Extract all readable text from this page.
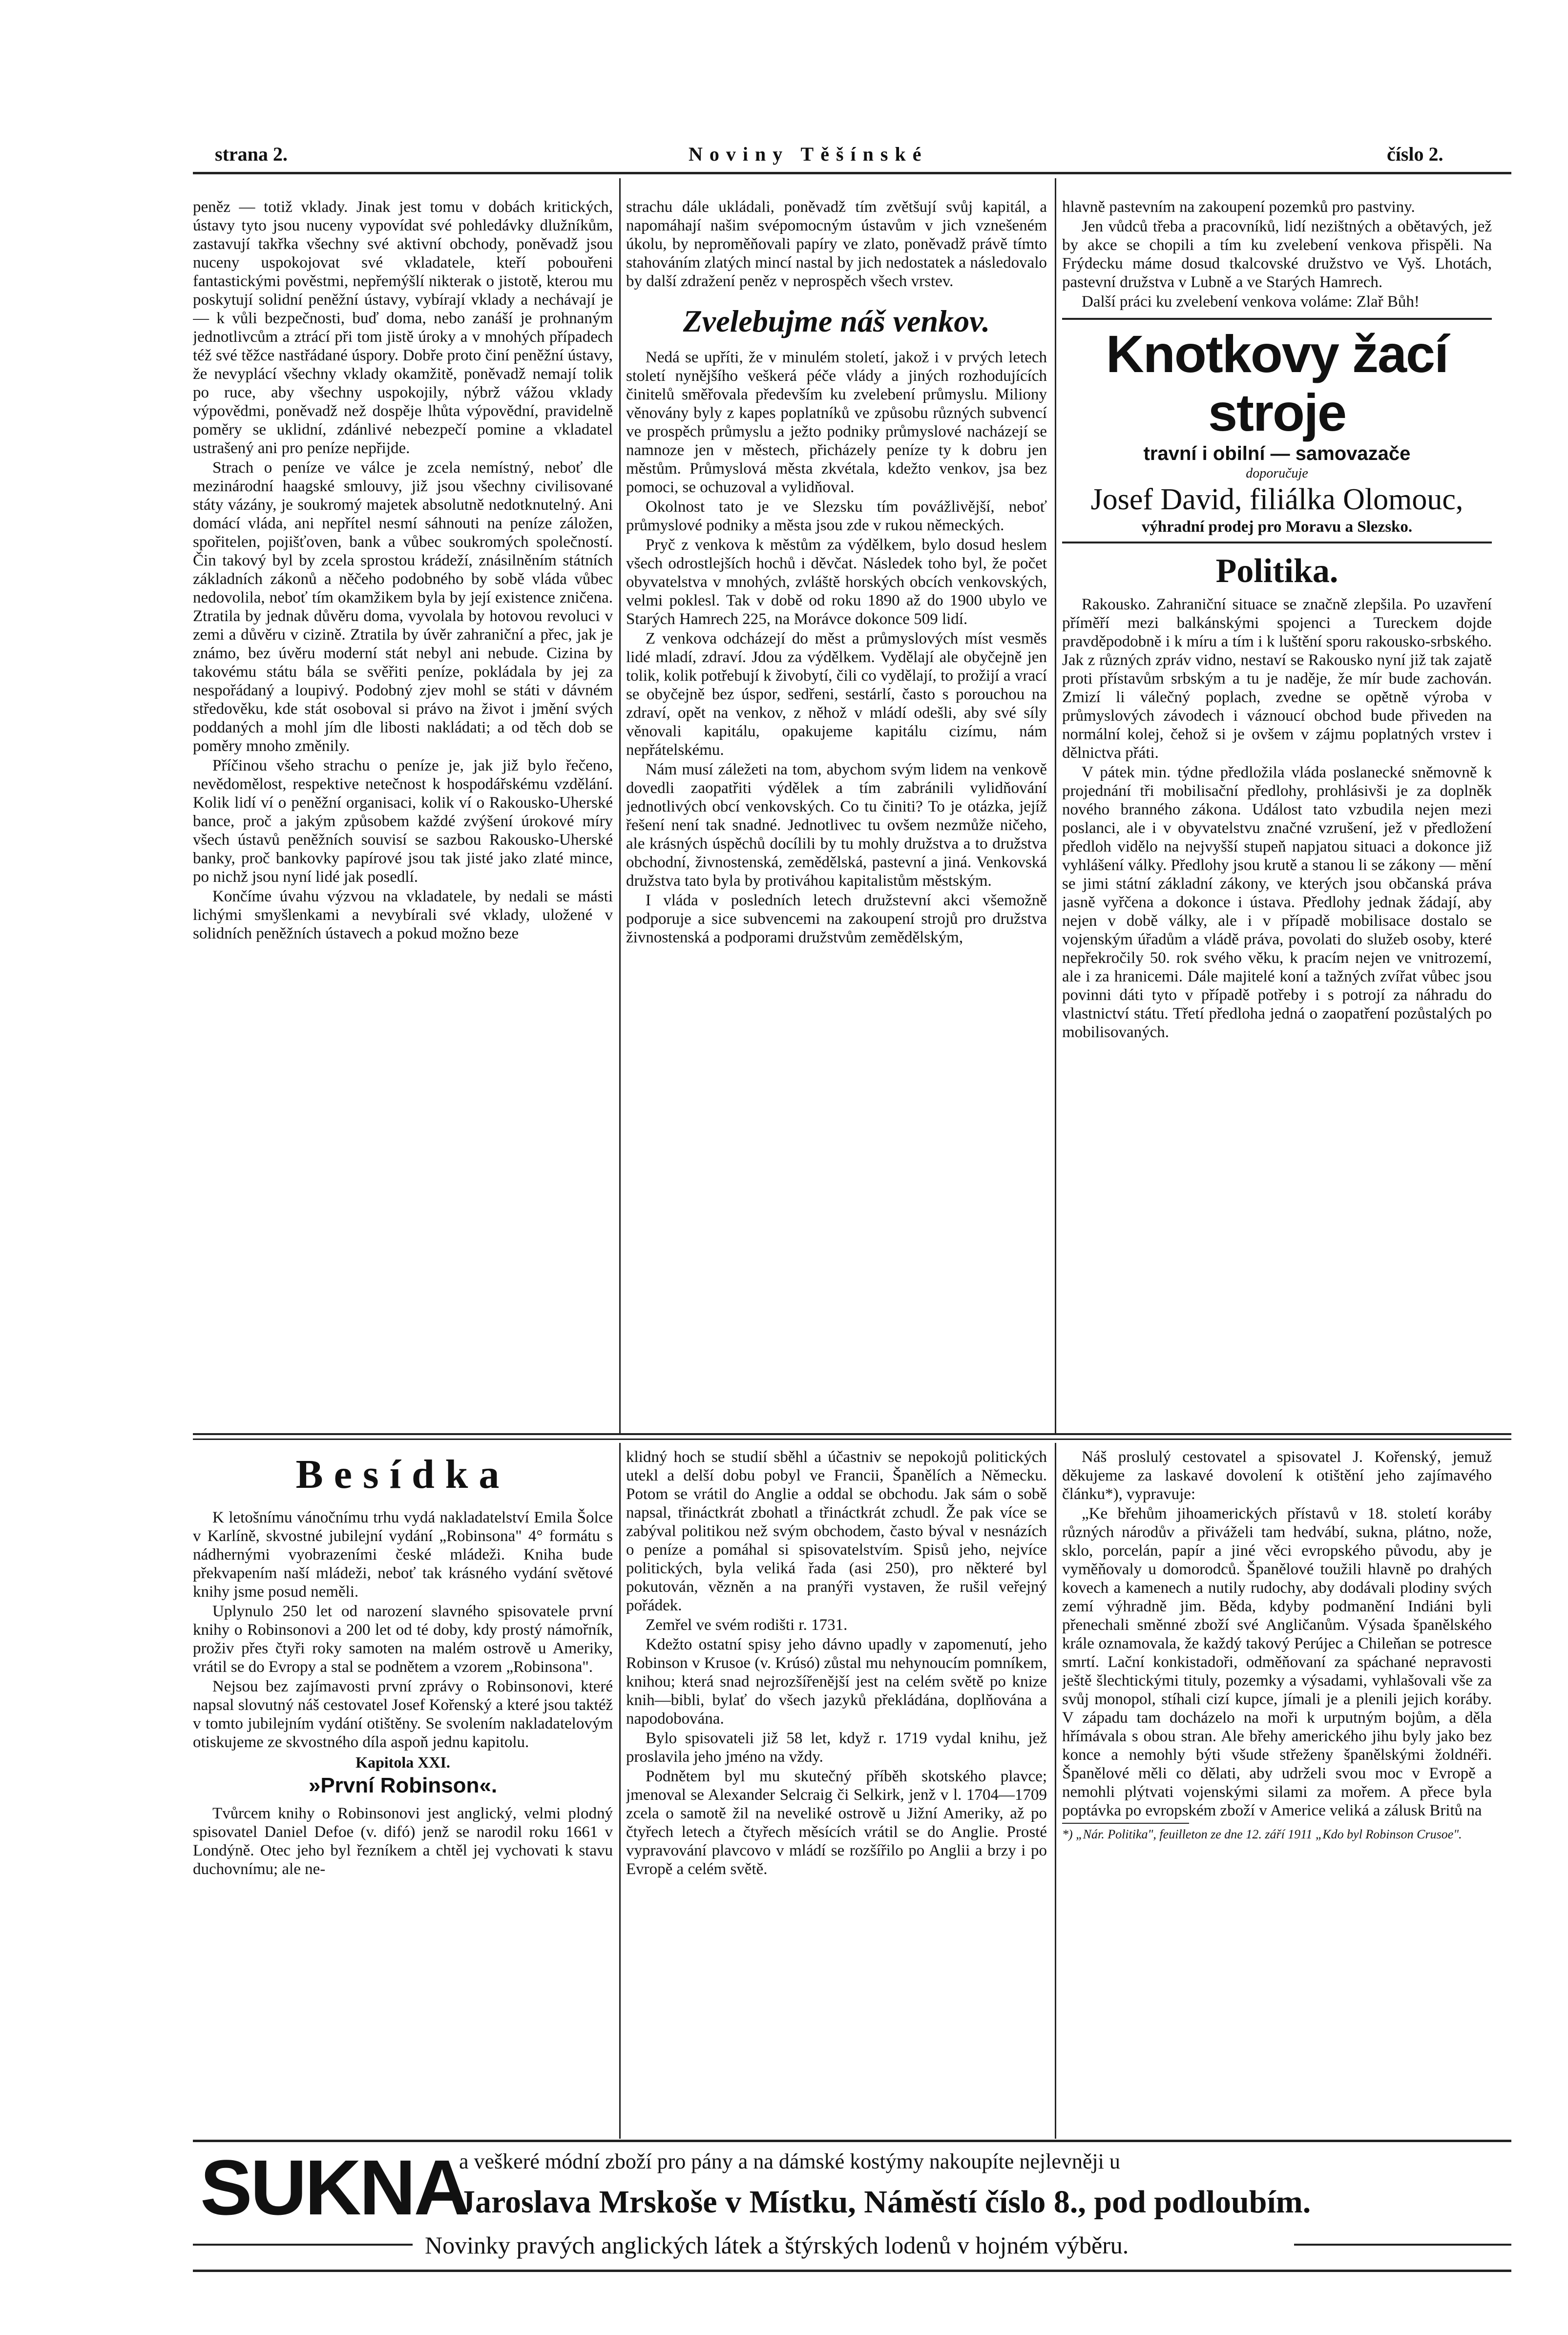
strana 2.	Noviny Těšínské	číslo 2.

peněz — totiž vklady. Jinak jest tomu v dobách kritických, ústavy tyto jsou nuceny vypovídat své pohledávky dlužníkům, zastavují takřka všechny své aktivní obchody, poněvadž jsou nuceny uspokojovat své vkladatele, kteří pobouřeni fantastickými pověstmi, nepřemýšlí nikterak o jistotě, kterou mu poskytují solidní peněžní ústavy, vybírají vklady a nechávají je — k vůli bezpečnosti, buď doma, nebo zanáší je prohnaným jednotlivcům a ztrácí při tom jistě úroky a v mnohých případech též své těžce nastřádané úspory. Dobře proto činí peněžní ústavy, že nevyplácí všechny vklady okamžitě, poněvadž nemají tolik po ruce, aby všechny uspokojily, nýbrž vážou vklady výpovědmi, poněvadž než dospěje lhůta výpovědní, pravidelně poměry se uklidní, zdánlivé nebezpečí pomine a vkladatel ustrašený ani pro peníze nepřijde.

Strach o peníze ve válce je zcela nemístný, neboť dle mezinárodní haagské smlouvy, již jsou všechny civilisované státy vázány, je soukromý majetek absolutně nedotknutelný. Ani domácí vláda, ani nepřítel nesmí sáhnouti na peníze záložen, spořitelen, pojišťoven, bank a vůbec soukromých společností. Čin takový byl by zcela sprostou krádeží, znásilněním státních základních zákonů a něčeho podobného by sobě vláda vůbec nedovolila, neboť tím okamžikem byla by její existence zničena. Ztratila by jednak důvěru doma, vyvolala by hotovou revoluci v zemi a důvěru v cizině. Ztratila by úvěr zahraniční a přec, jak je známo, bez úvěru moderní stát nebyl ani nebude. Cizina by takovému státu bála se svěřiti peníze, pokládala by jej za nespořádaný a loupivý. Podobný zjev mohl se státi v dávném středověku, kde stát osoboval si právo na život i jmění svých poddaných a mohl jím dle libosti nakládati; a od těch dob se poměry mnoho změnily.

Příčinou všeho strachu o peníze je, jak již bylo řečeno, nevědomělost, respektive netečnost k hospodářskému vzdělání. Kolik lidí ví o peněžní organisaci, kolik ví o Rakousko-Uherské bance, proč a jakým způsobem každé zvýšení úrokové míry všech ústavů peněžních souvisí se sazbou Rakousko-Uherské banky, proč bankovky papírové jsou tak jisté jako zlaté mince, po nichž jsou nyní lidé jak posedlí.

Končíme úvahu výzvou na vkladatele, by nedali se másti lichými smyšlenkami a nevybírali své vklady, uložené v solidních peněžních ústavech a pokud možno beze

strachu dále ukládali, poněvadž tím zvětšují svůj kapitál, a napomáhají našim svépomocným ústavům v jich vznešeném úkolu, by neproměňovali papíry ve zlato, poněvadž právě tímto stahováním zlatých mincí nastal by jich nedostatek a následovalo by další zdražení peněz v neprospěch všech vrstev.

Zvelebujme náš venkov.

Nedá se upříti, že v minulém století, jakož i v prvých letech století nynějšího veškerá péče vlády a jiných rozhodujících činitelů směřovala především ku zvelebení průmyslu. Miliony věnovány byly z kapes poplatníků ve způsobu různých subvencí ve prospěch průmyslu a ježto podniky průmyslové nacházejí se namnoze jen v městech, přicházely peníze ty k dobru jen městům. Průmyslová města zkvétala, kdežto venkov, jsa bez pomoci, se ochuzoval a vylidňoval.

Okolnost tato je ve Slezsku tím povážlivější, neboť průmyslové podniky a města jsou zde v rukou německých.

Pryč z venkova k městům za výdělkem, bylo dosud heslem všech odrostlejších hochů i děvčat. Následek toho byl, že počet obyvatelstva v mnohých, zvláště horských obcích venkovských, velmi poklesl. Tak v době od roku 1890 až do 1900 ubylo ve Starých Hamrech 225, na Morávce dokonce 509 lidí.

Z venkova odcházejí do měst a průmyslových míst vesměs lidé mladí, zdraví. Jdou za výdělkem. Vydělají ale obyčejně jen tolik, kolik potřebují k živobytí, čili co vydělají, to prožijí a vrací se obyčejně bez úspor, sedřeni, sestárlí, často s porouchou na zdraví, opět na venkov, z něhož v mládí odešli, aby své síly věnovali kapitálu, opakujeme kapitálu cizímu, nám nepřátelskému.

Nám musí záležeti na tom, abychom svým lidem na venkově dovedli zaopatřiti výdělek a tím zabránili vylidňování jednotlivých obcí venkovských. Co tu činiti? To je otázka, jejíž řešení není tak snadné. Jednotlivec tu ovšem nezmůže ničeho, ale krásných úspěchů docílili by tu mohly družstva a to družstva obchodní, živnostenská, zemědělská, pastevní a jiná. Venkovská družstva tato byla by protiváhou kapitalistům městským.

I vláda v posledních letech družstevní akci všemožně podporuje a sice subvencemi na zakoupení strojů pro družstva živnostenská a podporami družstvům zemědělským,

hlavně pastevním na zakoupení pozemků pro pastviny.

Jen vůdců třeba a pracovníků, lidí nezištných a obětavých, jež by akce se chopili a tím ku zvelebení venkova přispěli. Na Frýdecku máme dosud tkalcovské družstvo ve Vyš. Lhotách, pastevní družstva v Lubně a ve Starých Hamrech.

Další práci ku zvelebení venkova voláme: Zlař Bůh!

Knotkovy žací stroje
travní i obilní — samovazače
doporučuje
Josef David, filiálka Olomouc,
výhradní prodej pro Moravu a Slezsko.
Politika.

Rakousko. Zahraniční situace se značně zlepšila. Po uzavření příměří mezi balkánskými spojenci a Tureckem dojde pravděpodobně i k míru a tím i k luštění sporu rakousko-srbského. Jak z různých zpráv vidno, nestaví se Rakousko nyní již tak zajatě proti přístavům srbským a tu je naděje, že mír bude zachován. Zmizí li válečný poplach, zvedne se opětně výroba v průmyslových závodech i váznoucí obchod bude přiveden na normální kolej, čehož si je ovšem v zájmu poplatných vrstev i dělnictva přáti.

V pátek min. týdne předložila vláda poslanecké sněmovně k projednání tři mobilisační předlohy, prohlásivši je za doplněk nového branného zákona. Událost tato vzbudila nejen mezi poslanci, ale i v obyvatelstvu značné vzrušení, jež v předložení předloh vidělo na nejvyšší stupeň napjatou situaci a dokonce již vyhlášení války. Předlohy jsou krutě a stanou li se zákony — mění se jimi státní základní zákony, ve kterých jsou občanská práva jasně vyřčena a dokonce i ústava. Předlohy jednak žádají, aby nejen v době války, ale i v případě mobilisace dostalo se vojenským úřadům a vládě práva, povolati do služeb osoby, které nepřekročily 50. rok svého věku, k pracím nejen ve vnitrozemí, ale i za hranicemi. Dále majitelé koní a tažných zvířat vůbec jsou povinni dáti tyto v případě potřeby i s potrojí za náhradu do vlastnictví státu. Třetí předloha jedná o zaopatření pozůstalých po mobilisovaných.

Besídka

K letošnímu vánočnímu trhu vydá nakladatelství Emila Šolce v Karlíně, skvostné jubilejní vydání „Robinsona" 4° formátu s nádhernými vyobrazeními české mládeži. Kniha bude překvapením naší mládeži, neboť tak krásného vydání světové knihy jsme posud neměli.

Uplynulo 250 let od narození slavného spisovatele první knihy o Robinsonovi a 200 let od té doby, kdy prostý námořník, proživ přes čtyři roky samoten na malém ostrově u Ameriky, vrátil se do Evropy a stal se podnětem a vzorem „Robinsona".

Nejsou bez zajímavosti první zprávy o Robinsonovi, které napsal slovutný náš cestovatel Josef Kořenský a které jsou taktéž v tomto jubilejním vydání otištěny. Se svolením nakladatelovým otiskujeme ze skvostného díla aspoň jednu kapitolu.

Kapitola XXI.
»První Robinson«.

Tvůrcem knihy o Robinsonovi jest anglický, velmi plodný spisovatel Daniel Defoe (v. difó) jenž se narodil roku 1661 v Londýně. Otec jeho byl řezníkem a chtěl jej vychovati k stavu duchovnímu; ale ne-

klidný hoch se studií sběhl a účastniv se nepokojů politických utekl a delší dobu pobyl ve Francii, Španělích a Německu. Potom se vrátil do Anglie a oddal se obchodu. Jak sám o sobě napsal, třináctkrát zbohatl a třináctkrát zchudl. Že pak více se zabýval politikou než svým obchodem, často býval v nesnázích o peníze a pomáhal si spisovatelstvím. Spisů jeho, nejvíce politických, byla veliká řada (asi 250), pro některé byl pokutován, vězněn a na pranýři vystaven, že rušil veřejný pořádek.

Zemřel ve svém rodišti r. 1731.

Kdežto ostatní spisy jeho dávno upadly v zapomenutí, jeho Robinson v Krusoe (v. Krúsó) zůstal mu nehynoucím pomníkem, knihou; která snad nejrozšířenější jest na celém světě po knize knih—bibli, bylať do všech jazyků překládána, doplňována a napodobována.

Bylo spisovateli již 58 let, když r. 1719 vydal knihu, jež proslavila jeho jméno na vždy.

Podnětem byl mu skutečný příběh skotského plavce; jmenoval se Alexander Selcraig či Selkirk, jenž v l. 1704—1709 zcela o samotě žil na neveliké ostrově u Jižní Ameriky, až po čtyřech letech a čtyřech měsících vrátil se do Anglie. Prosté vypravování plavcovo v mládí se rozšířilo po Anglii a brzy i po Evropě a celém světě.

Náš proslulý cestovatel a spisovatel J. Kořenský, jemuž děkujeme za laskavé dovolení k otištění jeho zajímavého článku*), vypravuje:

„Ke břehům jihoamerických přístavů v 18. století koráby různých národův a přiváželi tam hedvábí, sukna, plátno, nože, sklo, porcelán, papír a jiné věci evropského původu, aby je vyměňovaly u domorodců. Španělové toužili hlavně po drahých kovech a kamenech a nutily rudochy, aby dodávali plodiny svých zemí výhradně jim. Běda, kdyby podmanění Indiáni byli přenechali směnné zboží své Angličanům. Výsada španělského krále oznamovala, že každý takový Perújec a Chileňan se potresce smrtí. Lační konkistadoři, odměňovaní za spáchané nepravosti ještě šlechtickými tituly, pozemky a výsadami, vyhlašovali vše za svůj monopol, stíhali cizí kupce, jímali je a plenili jejich koráby. V západu tam docházelo na moři k urputným bojům, a děla hřímávala s obou stran. Ale břehy amerického jihu byly jako bez konce a nemohly býti všude střeženy španělskými žoldnéři. Španělové měli co dělati, aby udrželi svou moc v Evropě a nemohli plýtvati vojenskými silami za mořem. A přece byla poptávka po evropském zboží v Americe veliká a zálusk Britů na

*) „Nár. Politika", feuilleton ze dne 12. září 1911 „Kdo byl Robinson Crusoe".
SUKNA
a veškeré módní zboží pro pány a na dámské kostýmy nakoupíte nejlevněji u
Jaroslava Mrskoše v Místku, Náměstí číslo 8., pod podloubím.
Novinky pravých anglických látek a štýrských lodenů v hojném výběru.
